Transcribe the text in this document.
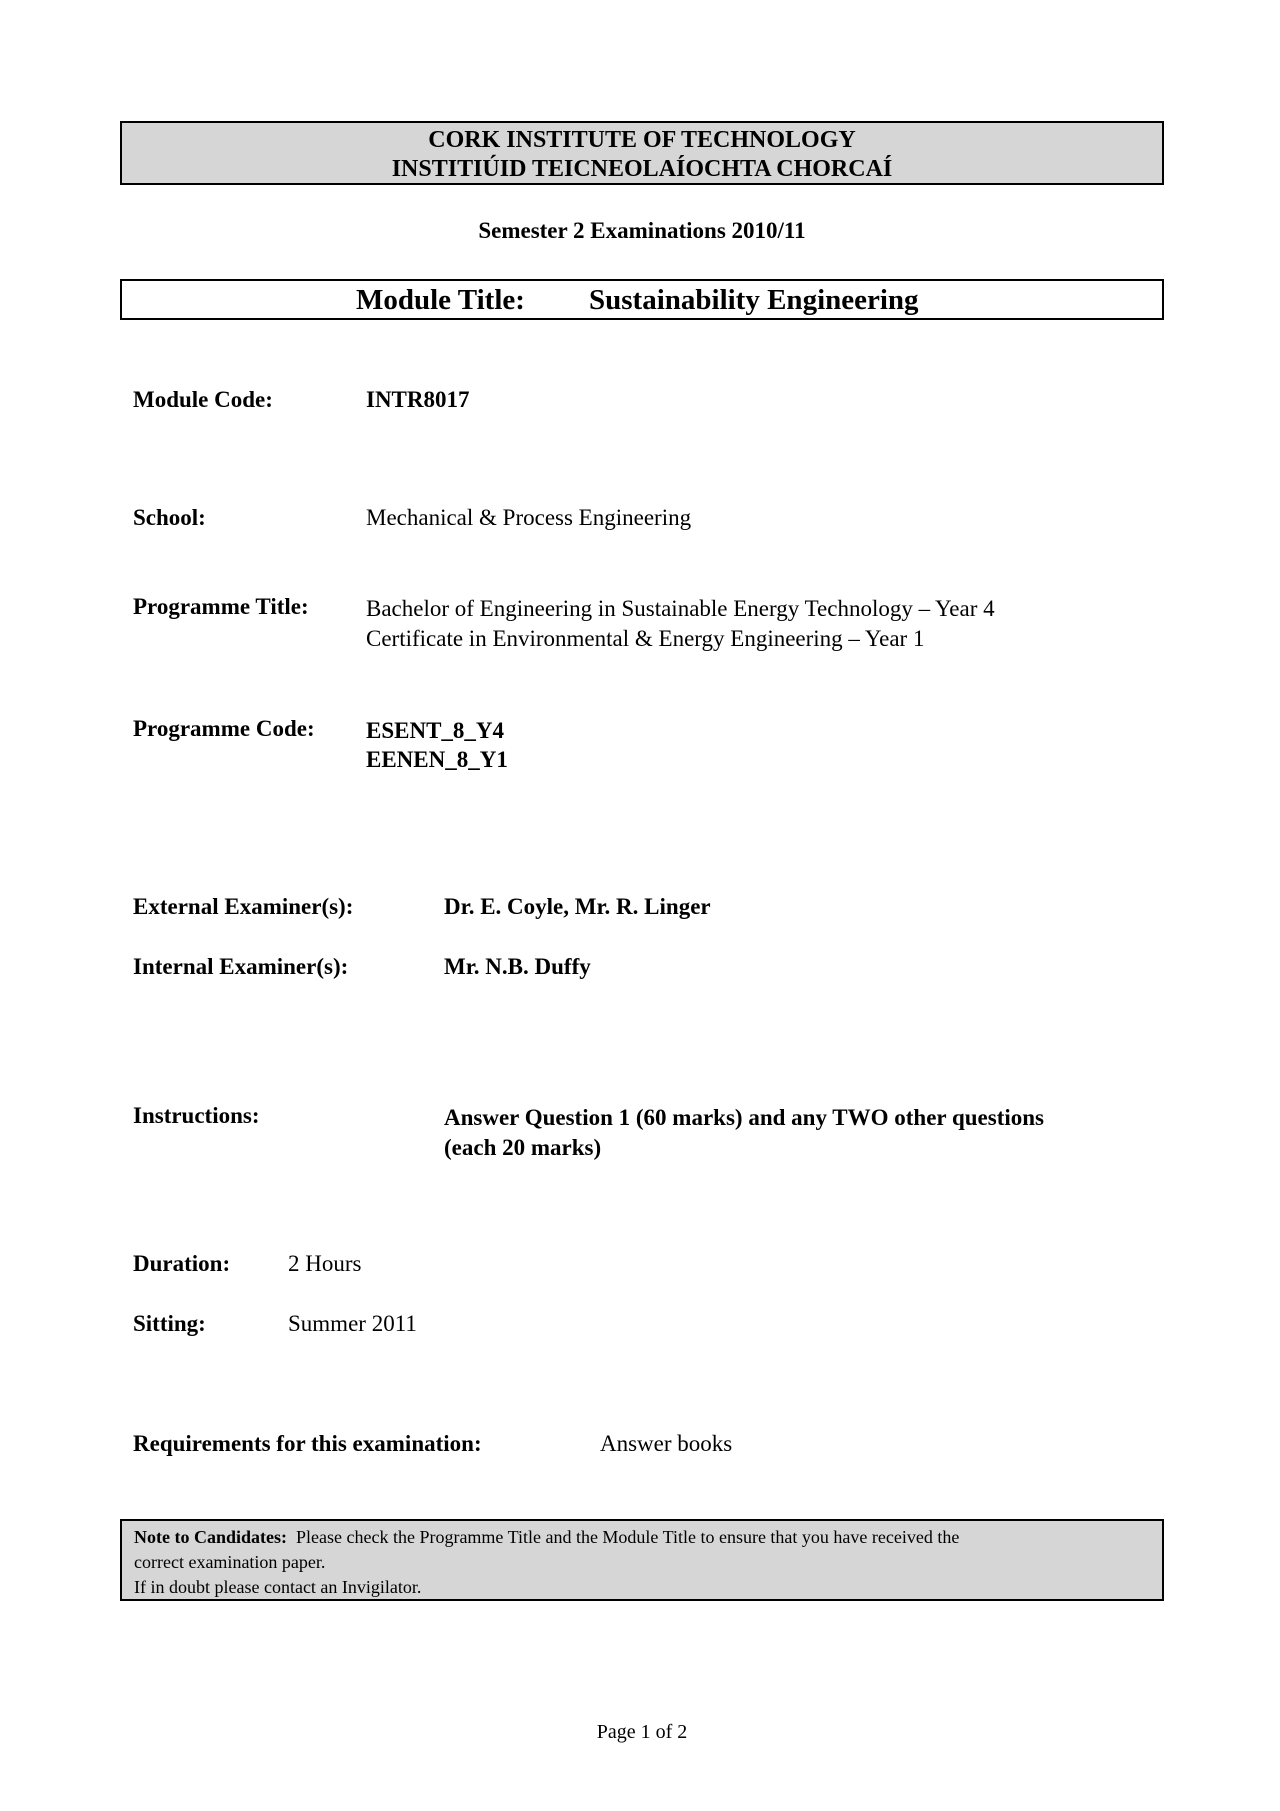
CORK INSTITUTE OF TECHNOLOGY
INSTITIÚID TEICNEOLAÍOCHTA CHORCAÍ
Semester 2 Examinations 2010/11
Module Title: Sustainability Engineering
Module Code:	INTR8017
School:	Mechanical & Process Engineering
Programme Title: Bachelor of Engineering in Sustainable Energy Technology – Year 4
Certificate in Environmental & Energy Engineering – Year 1
Programme Code: ESENT_8_Y4
EENEN_8_Y1
External Examiner(s):	Dr. E. Coyle, Mr. R. Linger
Internal Examiner(s):	Mr. N.B. Duffy
Instructions:	Answer Question 1 (60 marks) and any TWO other questions
(each 20 marks)
Duration:	2 Hours
Sitting:	Summer 2011
Requirements for this examination:	Answer books
Note to Candidates: Please check the Programme Title and the Module Title to ensure that you have received the
correct examination paper.
If in doubt please contact an Invigilator.
Page 1 of 2
